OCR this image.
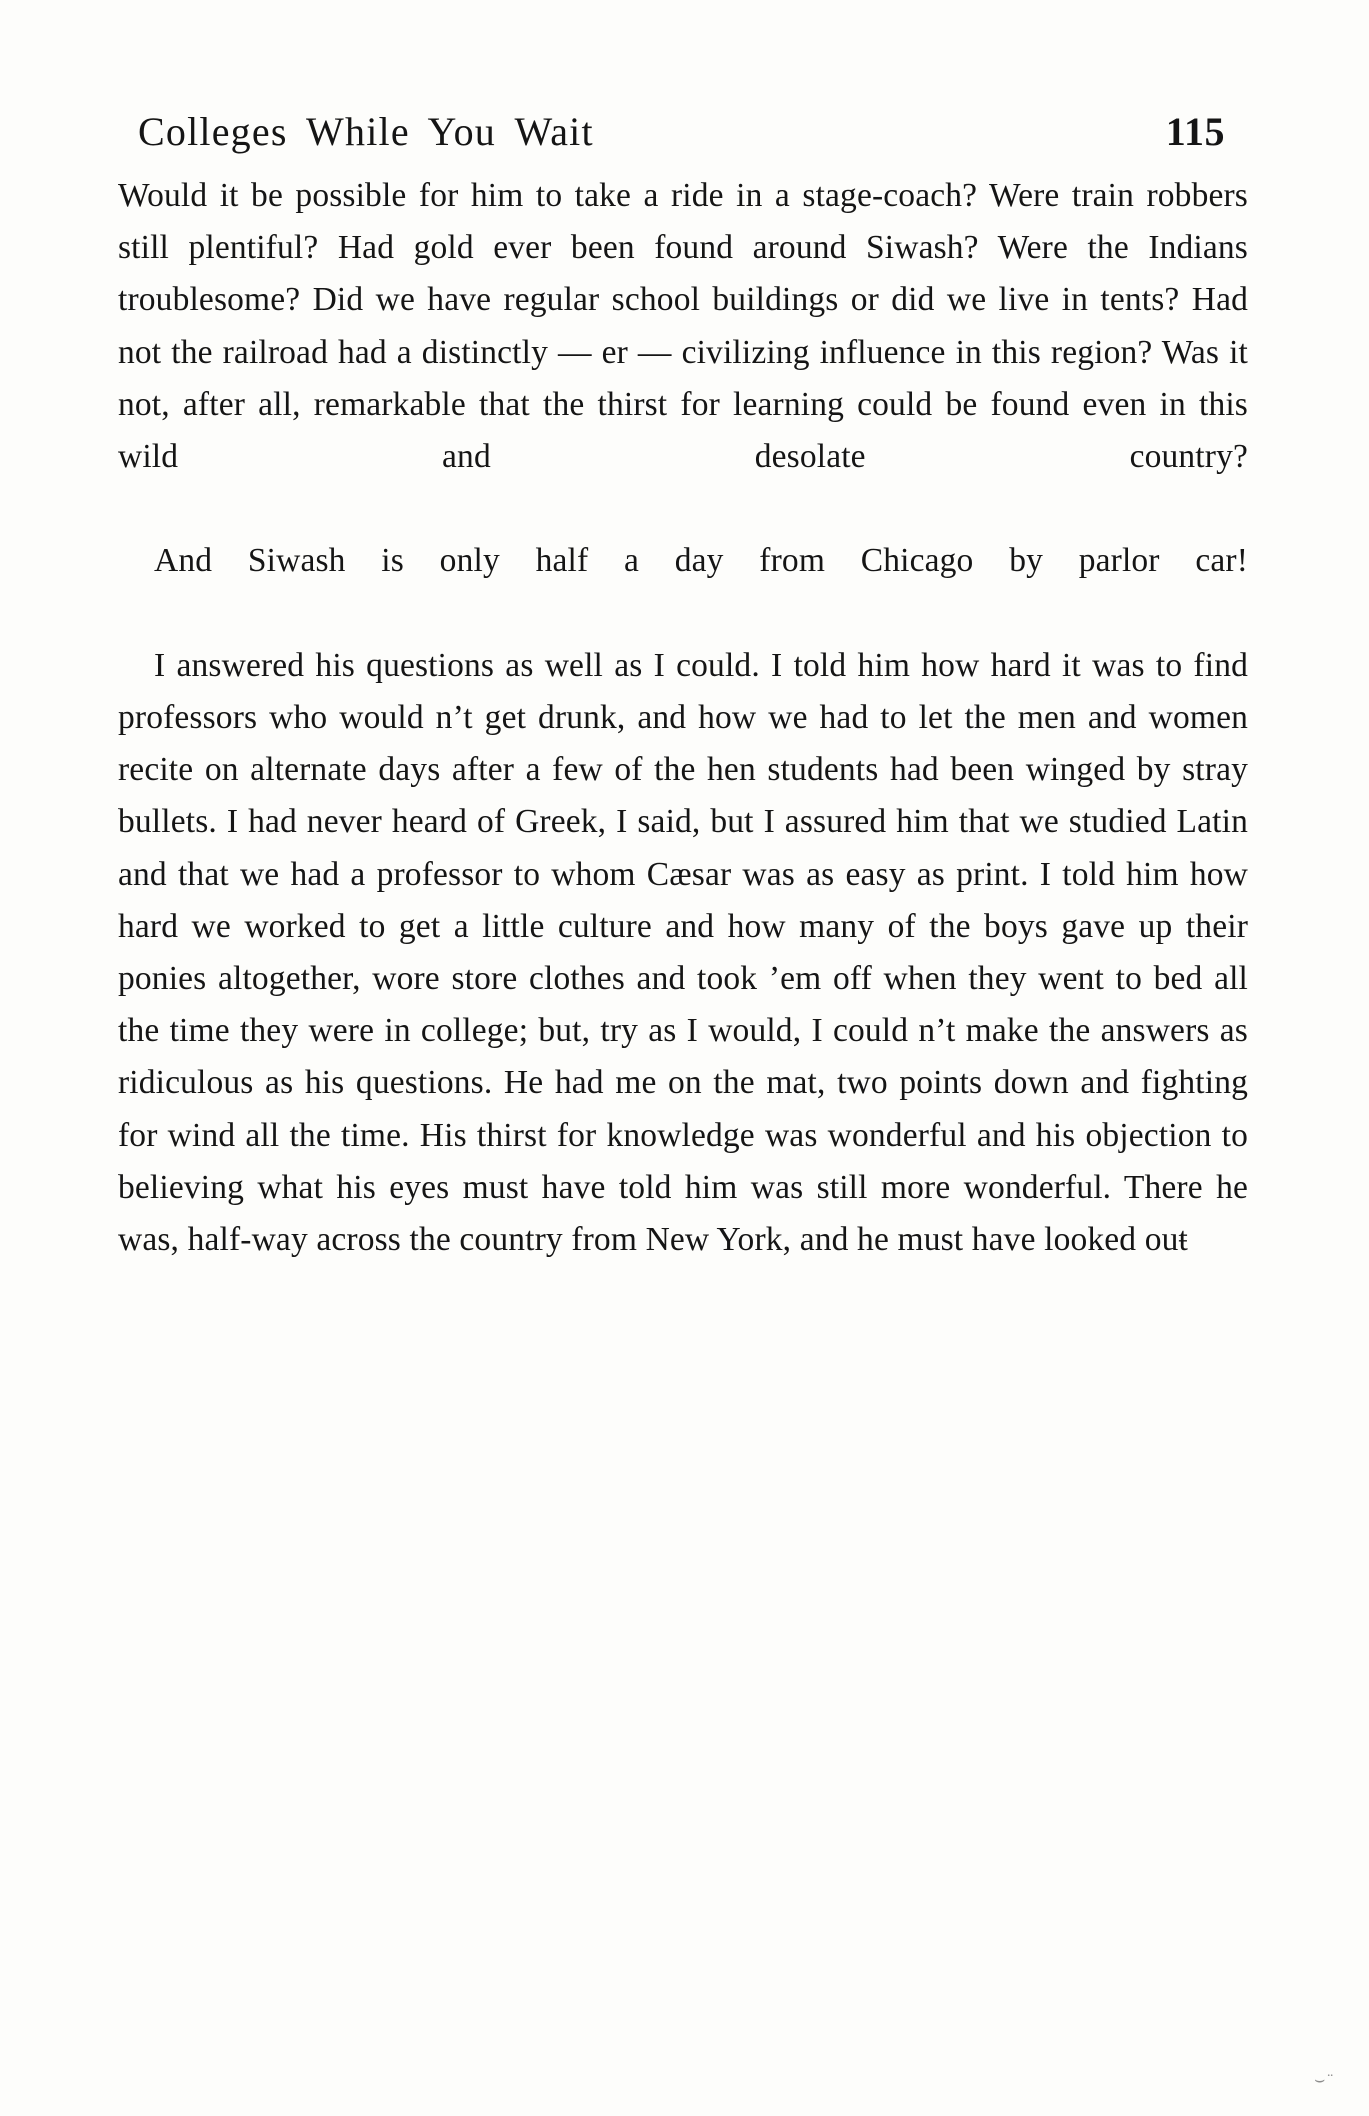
Colleges While You Wait	115

Would it be possible for him to take a ride in a stage-coach? Were train robbers still plentiful? Had gold ever been found around Siwash? Were the Indians troublesome? Did we have regular school buildings or did we live in tents? Had not the railroad had a distinctly — er — civilizing influence in this region? Was it not, after all, remarkable that the thirst for learning could be found even in this wild and desolate country?

And Siwash is only half a day from Chicago by parlor car!

I answered his questions as well as I could. I told him how hard it was to find professors who would n’t get drunk, and how we had to let the men and women recite on alternate days after a few of the hen students had been winged by stray bullets. I had never heard of Greek, I said, but I assured him that we studied Latin and that we had a professor to whom Cæsar was as easy as print. I told him how hard we worked to get a little culture and how many of the boys gave up their ponies altogether, wore store clothes and took ’em off when they went to bed all the time they were in college; but, try as I would, I could n’t make the answers as ridiculous as his questions. He had me on the mat, two points down and fighting for wind all the time. His thirst for knowledge was wonderful and his objection to believing what his eyes must have told him was still more wonderful. There he was, half-way across the country from New York, and he must have looked ouŧ

⌣¨
